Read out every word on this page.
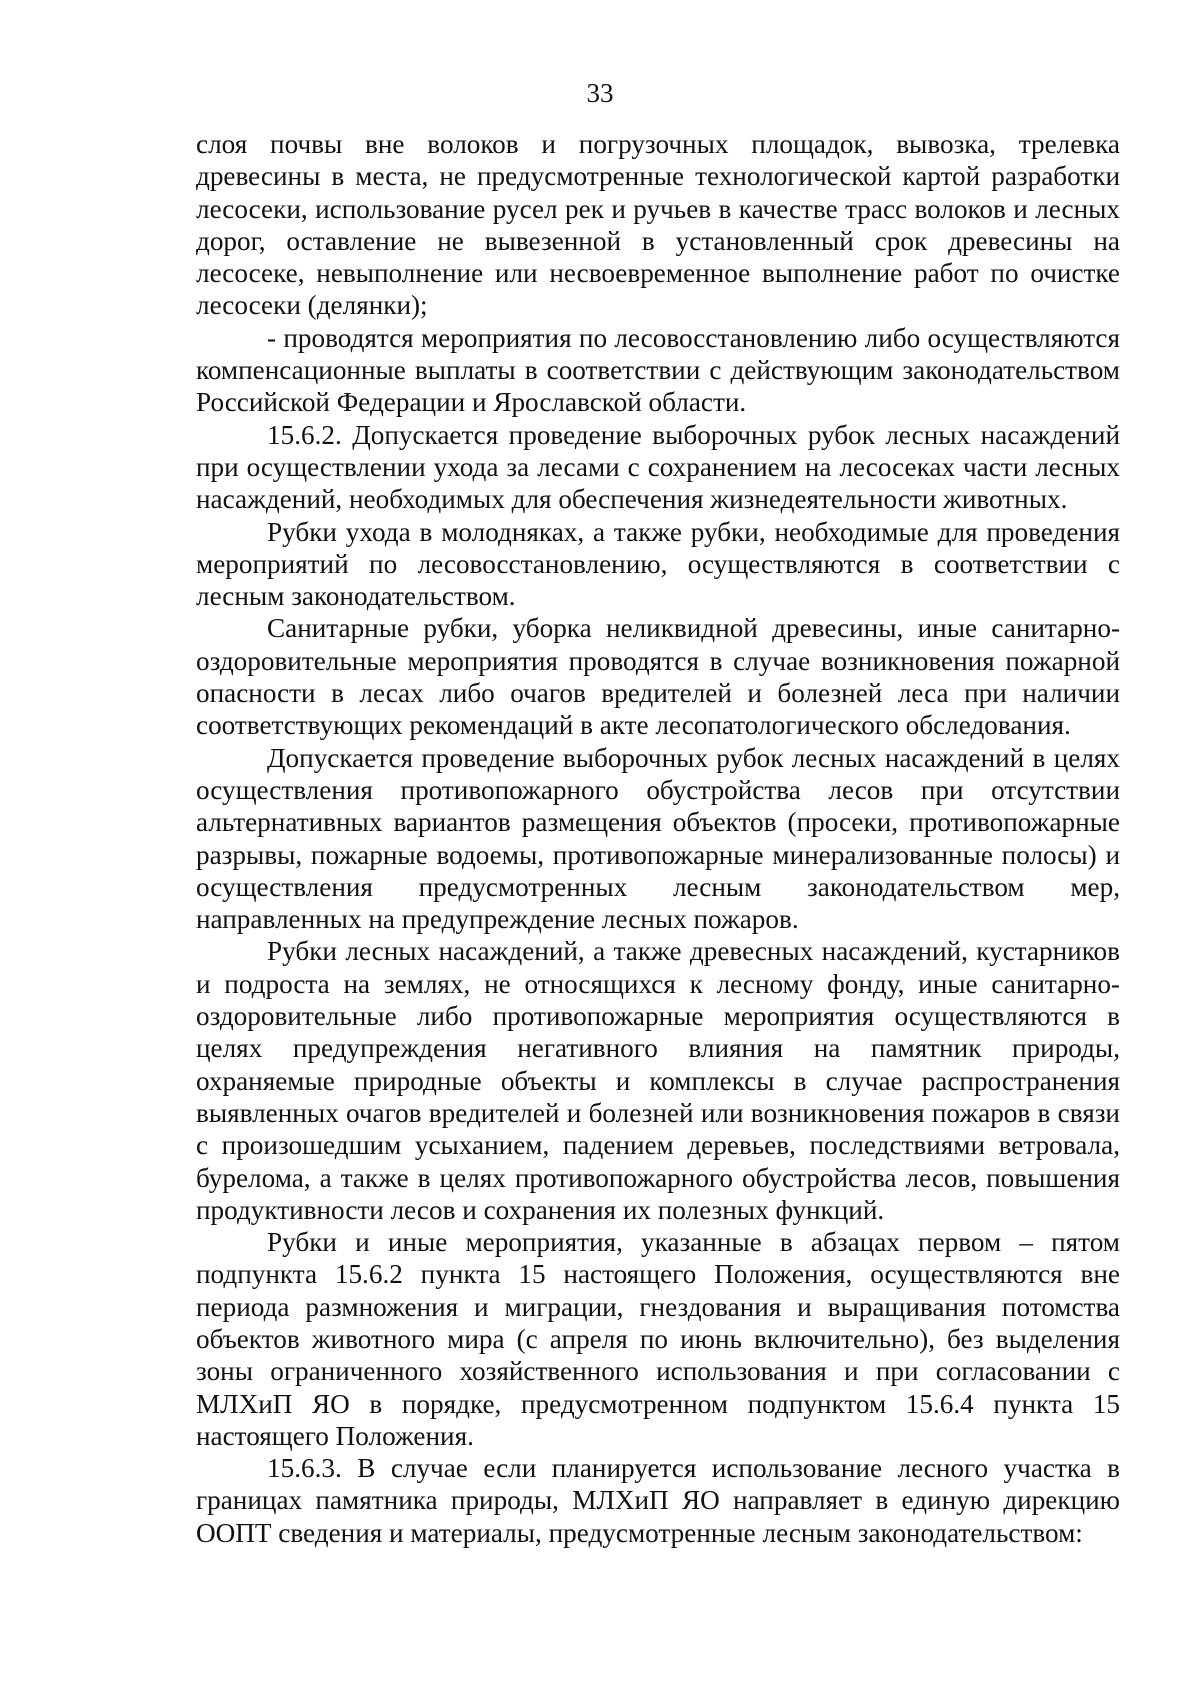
33

слоя почвы вне волоков и погрузочных площадок, вывозка, трелевка древесины в места, не предусмотренные технологической картой разработки лесосеки, использование русел рек и ручьев в качестве трасс волоков и лесных дорог, оставление не вывезенной в установленный срок древесины на лесосеке, невыполнение или несвоевременное выполнение работ по очистке лесосеки (делянки);

- проводятся мероприятия по лесовосстановлению либо осуществляются компенсационные выплаты в соответствии с действующим законодательством Российской Федерации и Ярославской области.

15.6.2. Допускается проведение выборочных рубок лесных насаждений при осуществлении ухода за лесами с сохранением на лесосеках части лесных насаждений, необходимых для обеспечения жизнедеятельности животных.

Рубки ухода в молодняках, а также рубки, необходимые для проведения мероприятий по лесовосстановлению, осуществляются в соответствии с лесным законодательством.

Санитарные рубки, уборка неликвидной древесины, иные санитарно-оздоровительные мероприятия проводятся в случае возникновения пожарной опасности в лесах либо очагов вредителей и болезней леса при наличии соответствующих рекомендаций в акте лесопатологического обследования.

Допускается проведение выборочных рубок лесных насаждений в целях осуществления противопожарного обустройства лесов при отсутствии альтернативных вариантов размещения объектов (просеки, противопожарные разрывы, пожарные водоемы, противопожарные минерализованные полосы) и осуществления предусмотренных лесным законодательством мер, направленных на предупреждение лесных пожаров.

Рубки лесных насаждений, а также древесных насаждений, кустарников и подроста на землях, не относящихся к лесному фонду, иные санитарно-оздоровительные либо противопожарные мероприятия осуществляются в целях предупреждения негативного влияния на памятник природы, охраняемые природные объекты и комплексы в случае распространения выявленных очагов вредителей и болезней или возникновения пожаров в связи с произошедшим усыханием, падением деревьев, последствиями ветровала, бурелома, а также в целях противопожарного обустройства лесов, повышения продуктивности лесов и сохранения их полезных функций.

Рубки и иные мероприятия, указанные в абзацах первом – пятом подпункта 15.6.2 пункта 15 настоящего Положения, осуществляются вне периода размножения и миграции, гнездования и выращивания потомства объектов животного мира (с апреля по июнь включительно), без выделения зоны ограниченного хозяйственного использования и при согласовании с МЛХиП ЯО в порядке, предусмотренном подпунктом 15.6.4 пункта 15 настоящего Положения.

15.6.3. В случае если планируется использование лесного участка в границах памятника природы, МЛХиП ЯО направляет в единую дирекцию ООПТ сведения и материалы, предусмотренные лесным законодательством:
